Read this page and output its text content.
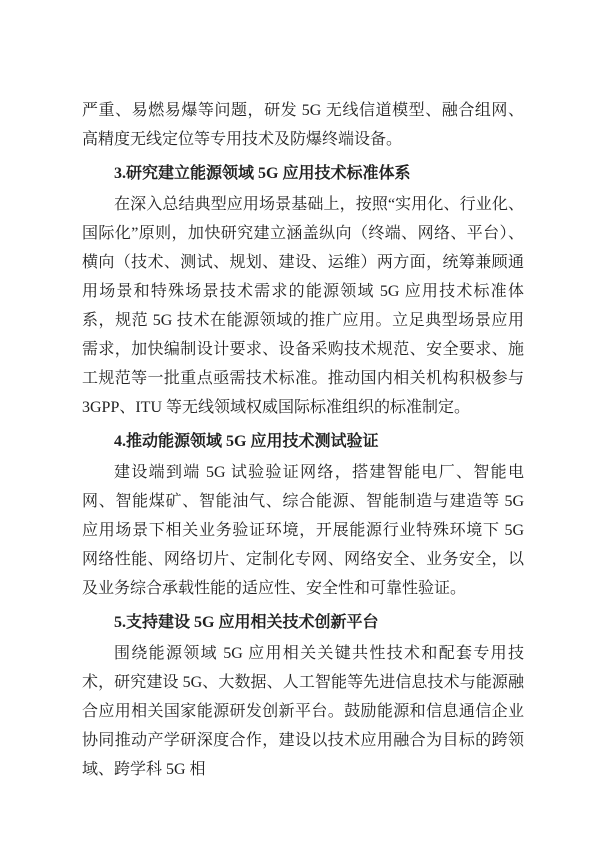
严重、易燃易爆等问题，研发 5G 无线信道模型、融合组网、高精度无线定位等专用技术及防爆终端设备。

3.研究建立能源领域 5G 应用技术标准体系

在深入总结典型应用场景基础上，按照“实用化、行业化、国际化”原则，加快研究建立涵盖纵向（终端、网络、平台）、横向（技术、测试、规划、建设、运维）两方面，统筹兼顾通用场景和特殊场景技术需求的能源领域 5G 应用技术标准体系，规范 5G 技术在能源领域的推广应用。立足典型场景应用需求，加快编制设计要求、设备采购技术规范、安全要求、施工规范等一批重点亟需技术标准。推动国内相关机构积极参与 3GPP、ITU 等无线领域权威国际标准组织的标准制定。

4.推动能源领域 5G 应用技术测试验证

建设端到端 5G 试验验证网络，搭建智能电厂、智能电网、智能煤矿、智能油气、综合能源、智能制造与建造等 5G 应用场景下相关业务验证环境，开展能源行业特殊环境下 5G 网络性能、网络切片、定制化专网、网络安全、业务安全，以及业务综合承载性能的适应性、安全性和可靠性验证。

5.支持建设 5G 应用相关技术创新平台

围绕能源领域 5G 应用相关关键共性技术和配套专用技术，研究建设 5G、大数据、人工智能等先进信息技术与能源融合应用相关国家能源研发创新平台。鼓励能源和信息通信企业协同推动产学研深度合作，建设以技术应用融合为目标的跨领域、跨学科 5G 相
